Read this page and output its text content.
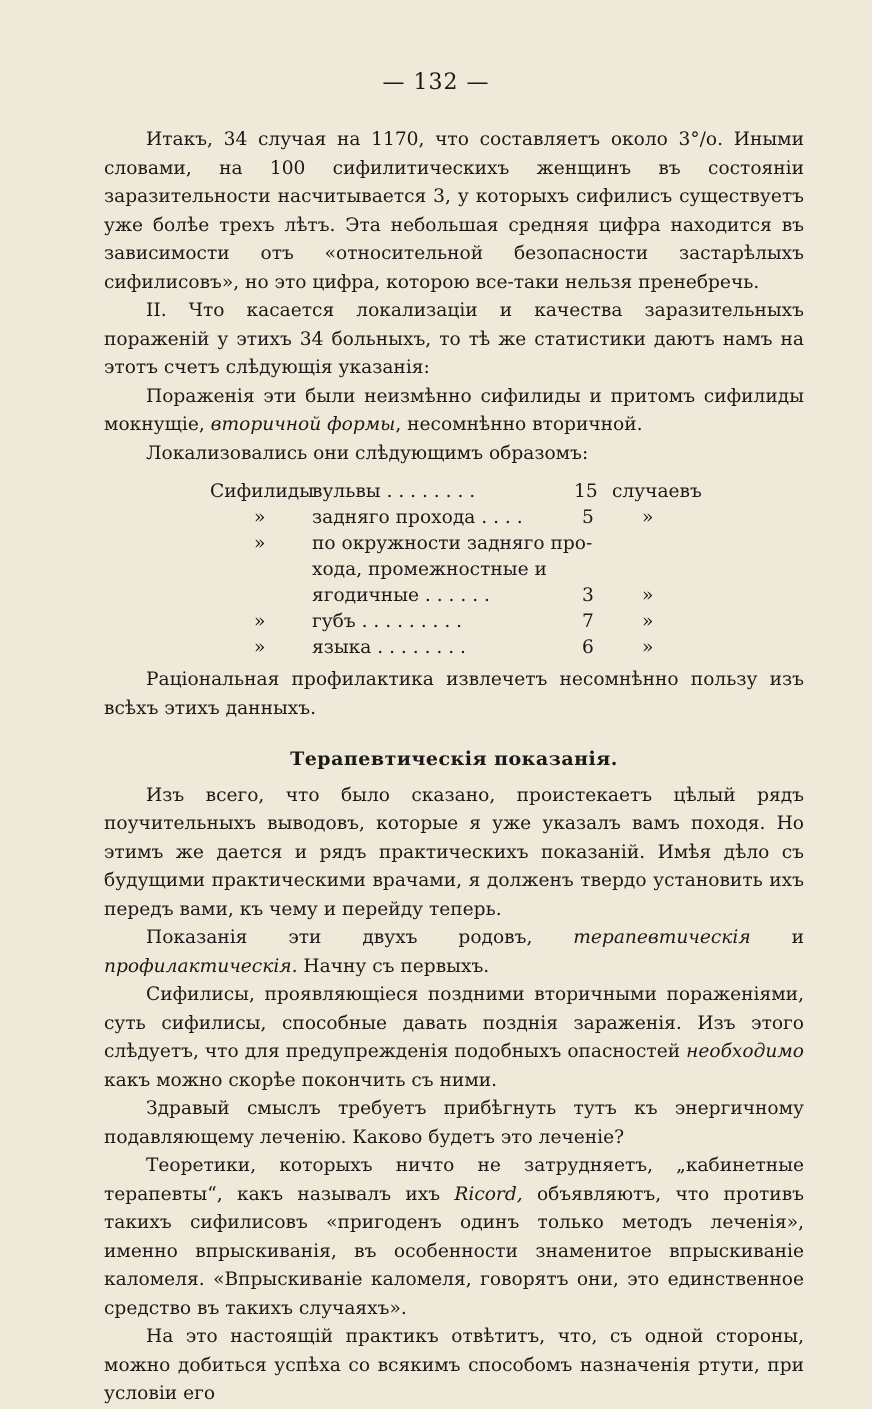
— 132 —

Итакъ, 34 случая на 1170, что составляетъ около 3°/о. Иными словами, на 100 сифилитическихъ женщинъ въ состоянiи заразительности насчитывается 3, у которыхъ сифилисъ существуетъ уже болѣе трехъ лѣтъ. Эта небольшая средняя цифра находится въ зависимости отъ «относительной безопасности застарѣлыхъ сифилисовъ», но это цифра, которою все-таки нельзя пренебречь.

II. Что касается локализацiи и качества заразительныхъ пораженiй у этихъ 34 больныхъ, то тѣ же статистики даютъ намъ на этотъ счетъ слѣдующiя указанiя:

Пораженiя эти были неизмѣнно сифилиды и притомъ сифилиды мокнущiе, вторичной формы, несомнѣнно вторичной.

Локализовались они слѣдующимъ образомъ:

Сифилиды
вульвы . . . . . . . .	15 случаевъ
»	задняго прохода . . . .	5	»
»	по окружности задняго про-
хода, промежностные и
ягодичные . . . . . .	3	»
»	губъ . . . . . . . . .	7	»
»	языка . . . . . . . .	6	»

Рацiональная профилактика извлечетъ несомнѣнно пользу изъ всѣхъ этихъ данныхъ.

Терапевтическiя показанiя.

Изъ всего, что было сказано, проистекаетъ цѣлый рядъ поучительныхъ выводовъ, которые я уже указалъ вамъ походя. Но этимъ же дается и рядъ практическихъ показанiй. Имѣя дѣло съ будущими практическими врачами, я долженъ твердо установить ихъ передъ вами, къ чему и перейду теперь.

Показанiя эти двухъ родовъ, терапевтическiя и профилактическiя. Начну съ первыхъ.

Сифилисы, проявляющiеся поздними вторичными пораженiями, суть сифилисы, способные давать позднiя зараженiя. Изъ этого слѣдуетъ, что для предупрежденiя подобныхъ опасностей необходимо какъ можно скорѣе покончить съ ними.

Здравый смыслъ требуетъ прибѣгнуть тутъ къ энергичному подавляющему леченiю. Каково будетъ это леченiе?

Теоретики, которыхъ ничто не затрудняетъ, „кабинетные терапевты“, какъ называлъ ихъ Ricord, объявляютъ, что противъ такихъ сифилисовъ «пригоденъ одинъ только методъ леченiя», именно впрыскиванiя, въ особенности знаменитое впрыскиванiе каломеля. «Впрыскиванiе каломеля, говорятъ они, это единственное средство въ такихъ случаяхъ».

На это настоящiй практикъ отвѣтитъ, что, съ одной стороны, можно добиться успѣха со всякимъ способомъ назначенiя ртути, при условiи его
